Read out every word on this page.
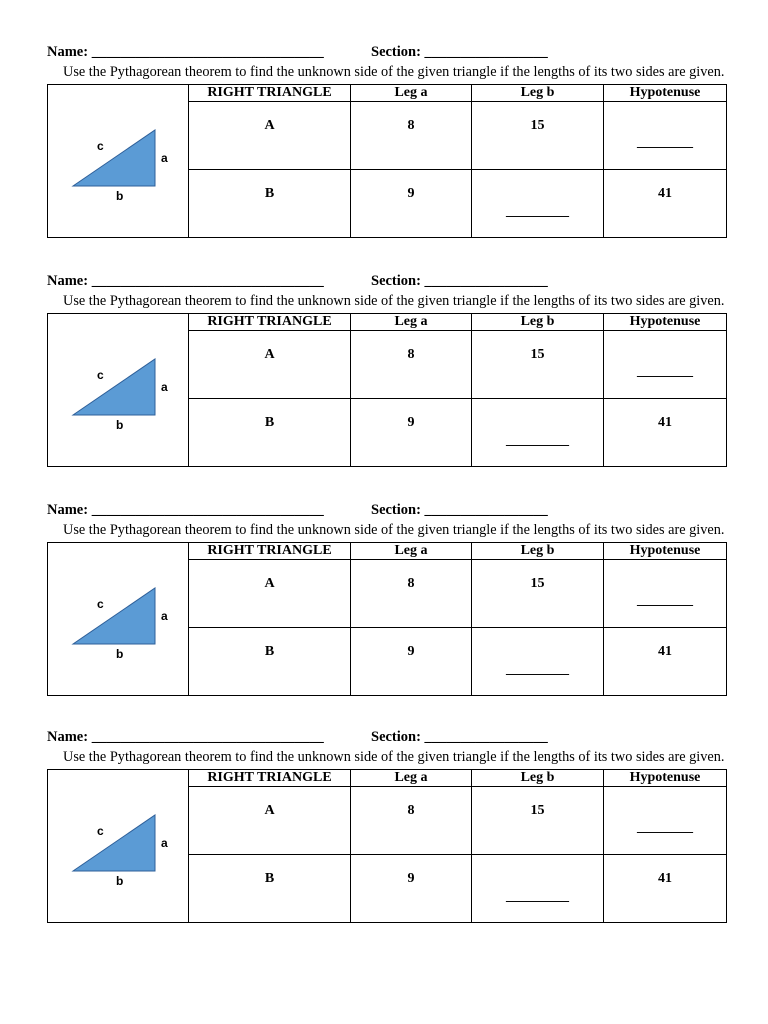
Name: ________________________________	Section: _________________

Use the Pythagorean theorem to find the unknown side of the given triangle if the lengths of its two sides are given.

c
a
b	RIGHT TRIANGLE	Leg a	Leg b	Hypotenuse

	A	8	15	________

	B	9	_________	41
Name: ________________________________	Section: _________________

Use the Pythagorean theorem to find the unknown side of the given triangle if the lengths of its two sides are given.

c
a
b	RIGHT TRIANGLE	Leg a	Leg b	Hypotenuse

	A	8	15	________

	B	9	_________	41
Name: ________________________________	Section: _________________

Use the Pythagorean theorem to find the unknown side of the given triangle if the lengths of its two sides are given.

c
a
b	RIGHT TRIANGLE	Leg a	Leg b	Hypotenuse

	A	8	15	________

	B	9	_________	41
Name: ________________________________	Section: _________________

Use the Pythagorean theorem to find the unknown side of the given triangle if the lengths of its two sides are given.

c
a
b	RIGHT TRIANGLE	Leg a	Leg b	Hypotenuse

	A	8	15	________

	B	9	_________	41
